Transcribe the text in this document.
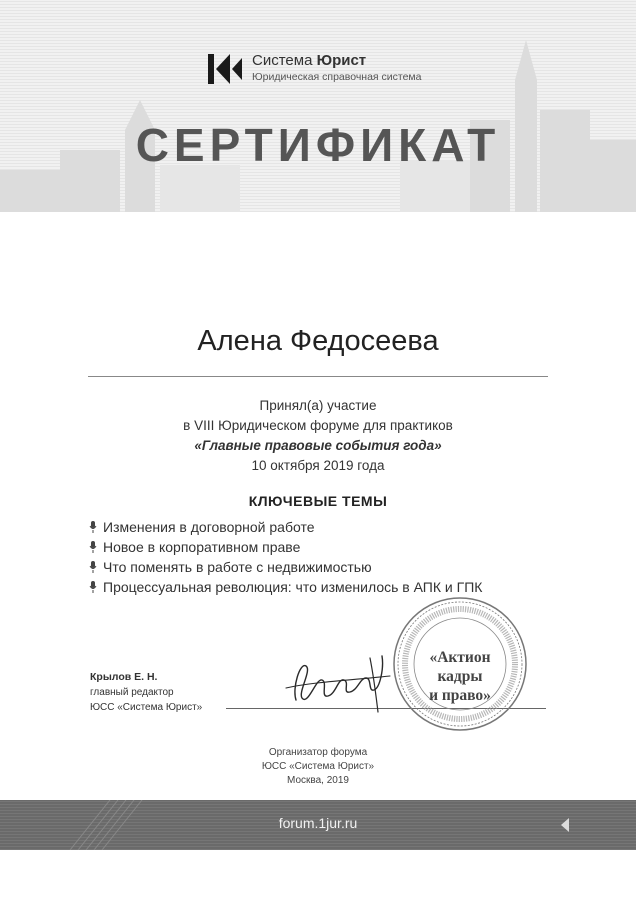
Система Юрист
Юридическая справочная система
СЕРТИФИКАТ
Алена Федосеева
Принял(а) участие
в VIII Юридическом форуме для практиков
«Главные правовые события года»
10 октября 2019 года
КЛЮЧЕВЫЕ ТЕМЫ
Изменения в договорной работе
Новое в корпоративном праве
Что поменять в работе с недвижимостью
Процессуальная революция: что изменилось в АПК и ГПК
Крылов Е. Н.
главный редактор
ЮСС «Система Юрист»
«Актион
кадры
и право»
Организатор форума
ЮСС «Система Юрист»
Москва, 2019
forum.1jur.ru
